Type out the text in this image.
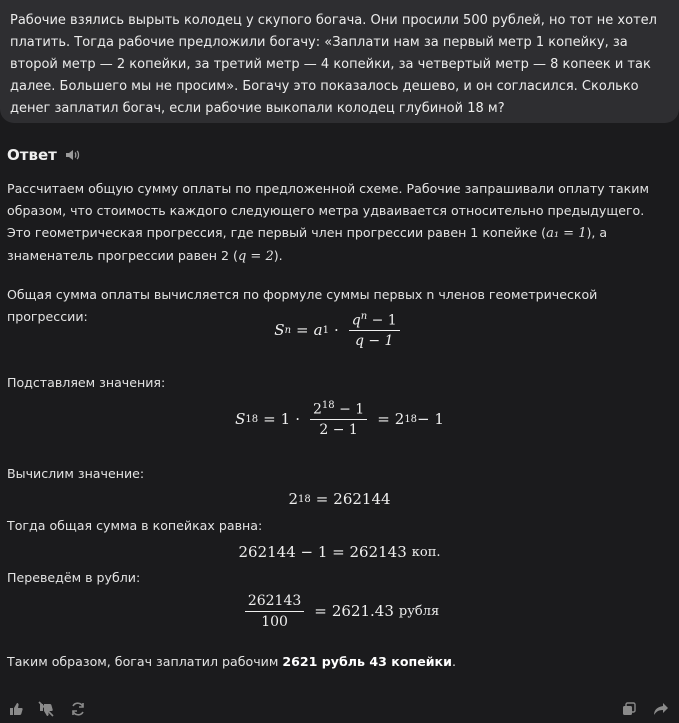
Рабочие взялись вырыть колодец у скупого богача. Они просили 500 рублей, но тот не хотел платить. Тогда рабочие предложили богачу: «Заплати нам за первый метр 1 копейку, за второй метр — 2 копейки, за третий метр — 4 копейки, за четвертый метр — 8 копеек и так далее. Большего мы не просим». Богачу это показалось дешево, и он согласился. Сколько денег заплатил богач, если рабочие выкопали колодец глубиной 18 м?
Ответ
Рассчитаем общую сумму оплаты по предложенной схеме. Рабочие запрашивали оплату таким образом, что стоимость каждого следующего метра удваивается относительно предыдущего. Это геометрическая прогрессия, где первый член прогрессии равен 1 копейке (a₁ = 1), а знаменатель прогрессии равен 2 (q = 2).
Общая сумма оплаты вычисляется по формуле суммы первых n членов геометрической прогрессии:
S n = a $1 \cdot \frac{q^n - 1}{q - 1}$
Подставляем значения:
S $18 = 1 \cdot \frac{2^{18} - 1}{2 - 1} = 2$ 18 − 1
Вычислим значение:
2 18 = 262144
Тогда общая сумма в копейках равна:
262144 − 1 = 262143 коп.
Переведём в рубли:
$\frac{262143}{100} = 2621.43$ рубля
Таким образом, богач заплатил рабочим 2621 рубль 43 копейки.
